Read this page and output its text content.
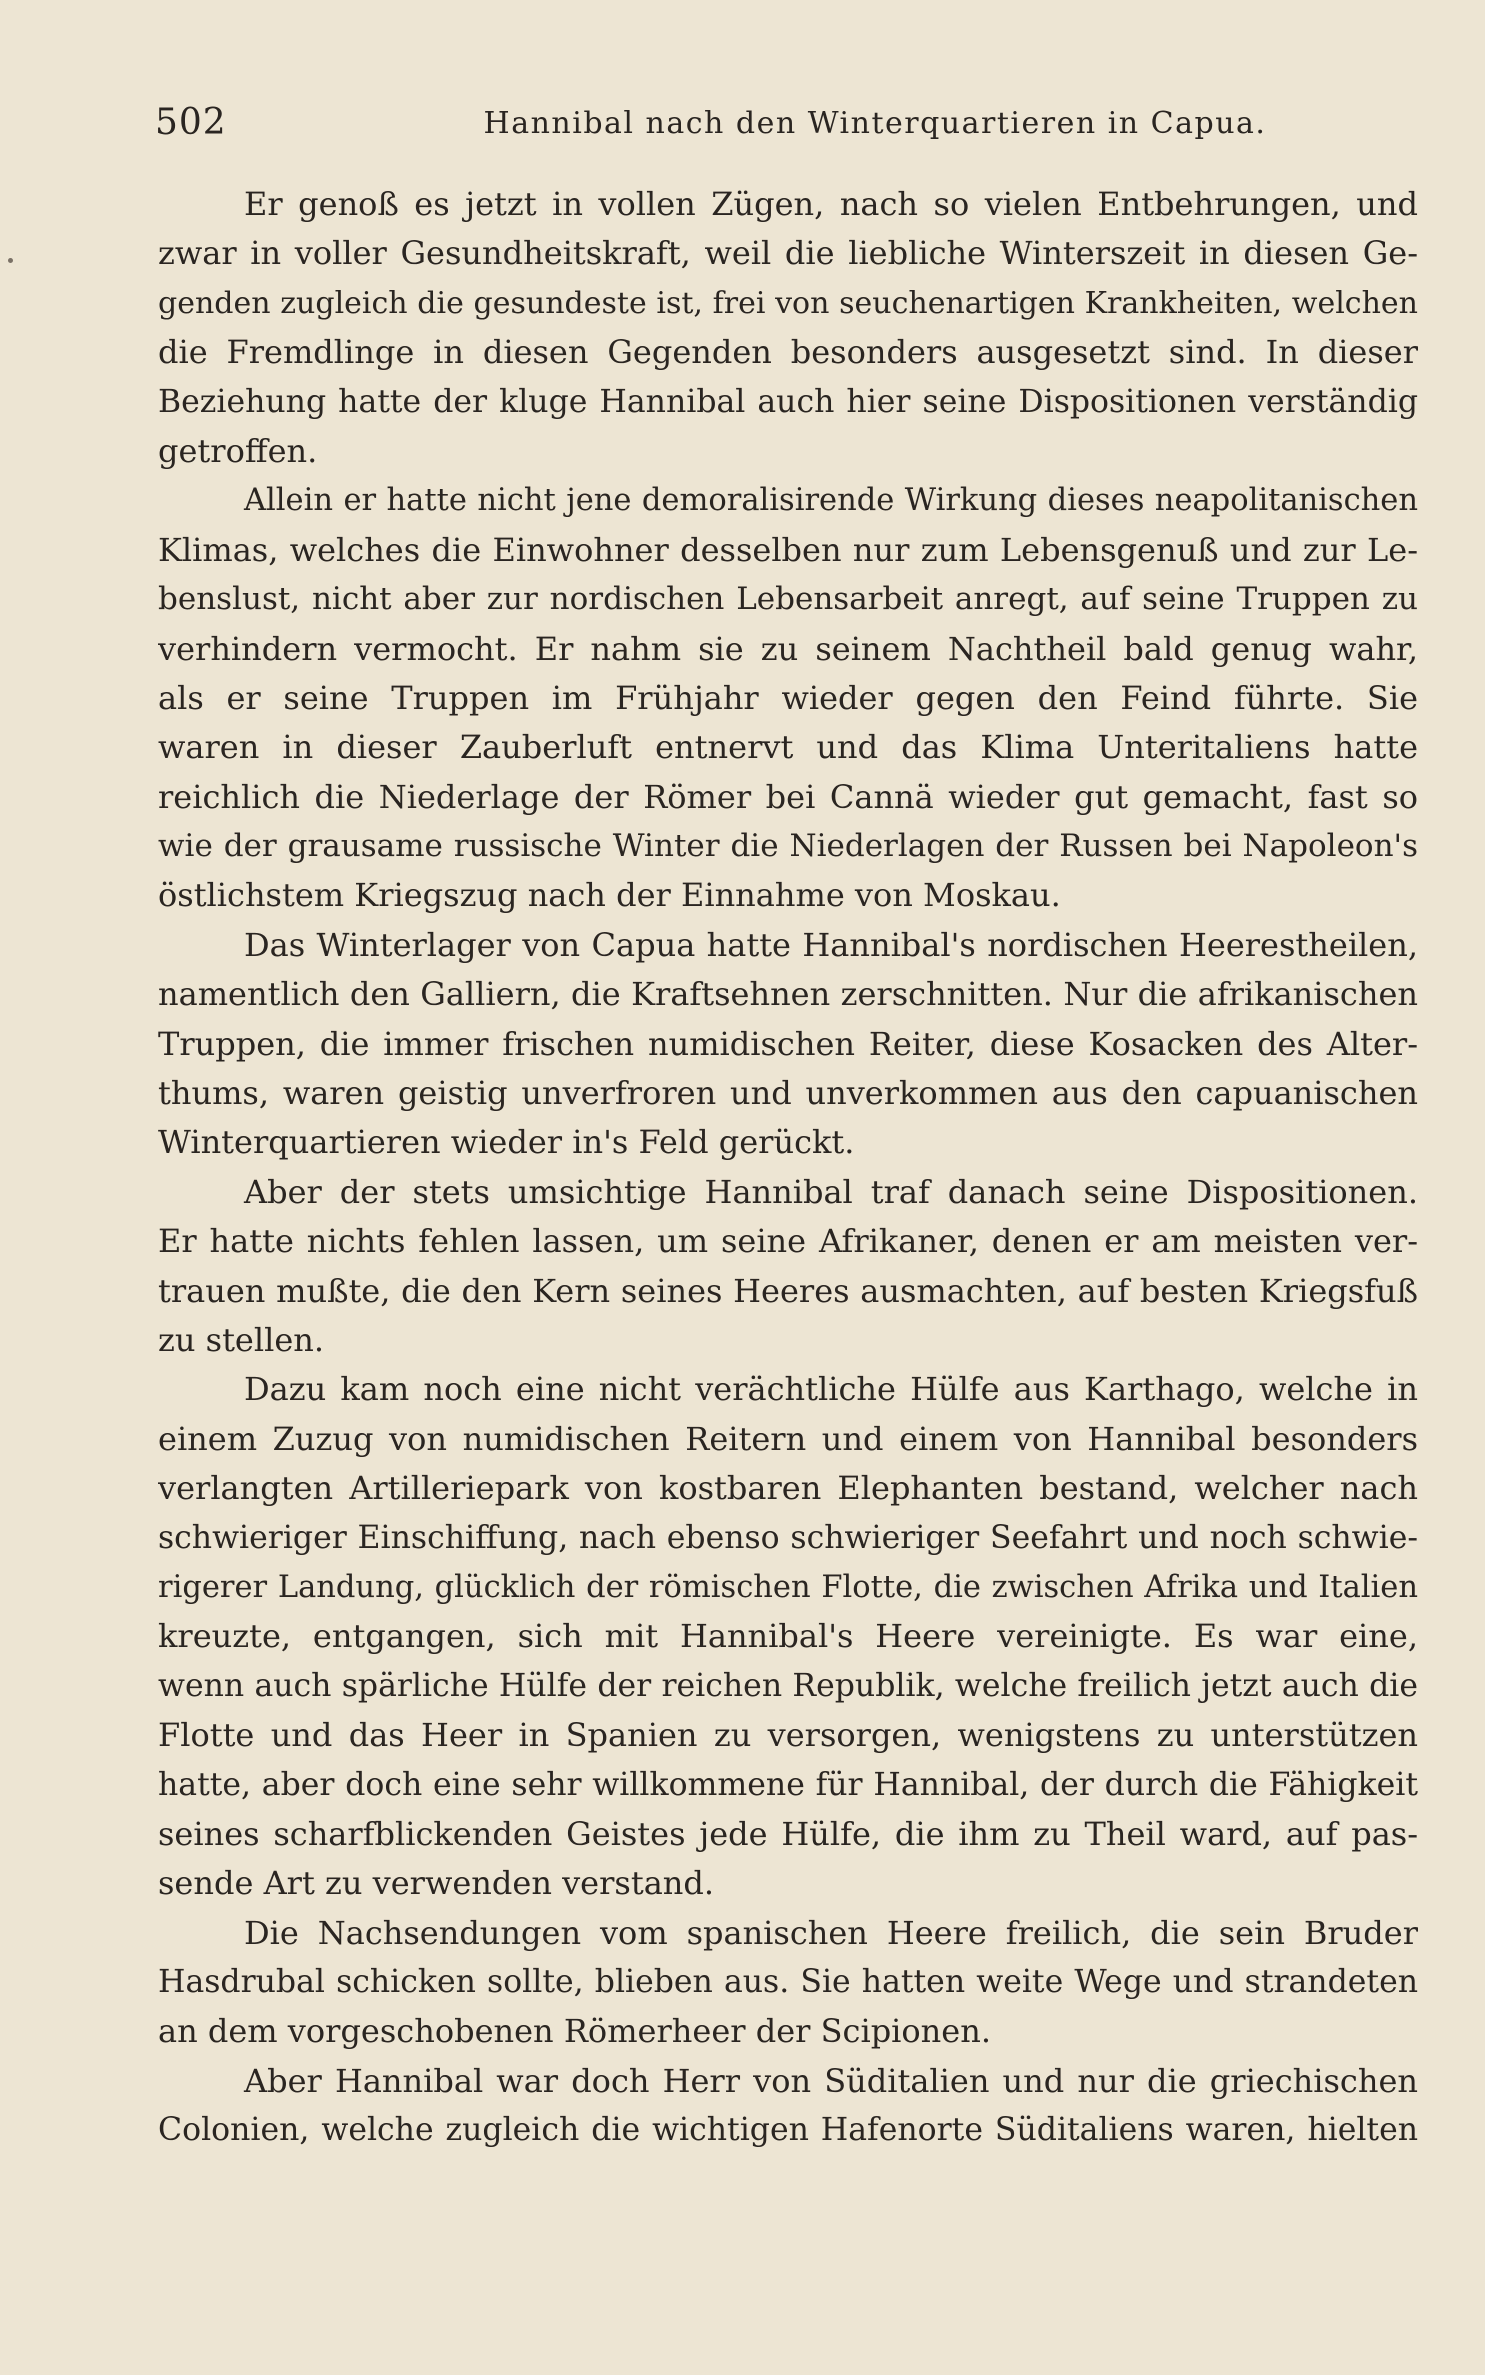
502	Hannibal nach den Winterquartieren in Capua.
Er genoß es jetzt in vollen Zügen, nach so vielen Entbehrungen, und
zwar in voller Gesundheitskraft, weil die liebliche Winterszeit in diesen Ge-
genden zugleich die gesundeste ist, frei von seuchenartigen Krankheiten, welchen
die Fremdlinge in diesen Gegenden besonders ausgesetzt sind. In dieser
Beziehung hatte der kluge Hannibal auch hier seine Dispositionen verständig
getroffen.
Allein er hatte nicht jene demoralisirende Wirkung dieses neapolitanischen
Klimas, welches die Einwohner desselben nur zum Lebensgenuß und zur Le-
benslust, nicht aber zur nordischen Lebensarbeit anregt, auf seine Truppen zu
verhindern vermocht. Er nahm sie zu seinem Nachtheil bald genug wahr,
als er seine Truppen im Frühjahr wieder gegen den Feind führte. Sie
waren in dieser Zauberluft entnervt und das Klima Unteritaliens hatte
reichlich die Niederlage der Römer bei Cannä wieder gut gemacht, fast so
wie der grausame russische Winter die Niederlagen der Russen bei Napoleon's
östlichstem Kriegszug nach der Einnahme von Moskau.
Das Winterlager von Capua hatte Hannibal's nordischen Heerestheilen,
namentlich den Galliern, die Kraftsehnen zerschnitten. Nur die afrikanischen
Truppen, die immer frischen numidischen Reiter, diese Kosacken des Alter-
thums, waren geistig unverfroren und unverkommen aus den capuanischen
Winterquartieren wieder in's Feld gerückt.
Aber der stets umsichtige Hannibal traf danach seine Dispositionen.
Er hatte nichts fehlen lassen, um seine Afrikaner, denen er am meisten ver-
trauen mußte, die den Kern seines Heeres ausmachten, auf besten Kriegsfuß
zu stellen.
Dazu kam noch eine nicht verächtliche Hülfe aus Karthago, welche in
einem Zuzug von numidischen Reitern und einem von Hannibal besonders
verlangten Artilleriepark von kostbaren Elephanten bestand, welcher nach
schwieriger Einschiffung, nach ebenso schwieriger Seefahrt und noch schwie-
rigerer Landung, glücklich der römischen Flotte, die zwischen Afrika und Italien
kreuzte, entgangen, sich mit Hannibal's Heere vereinigte. Es war eine,
wenn auch spärliche Hülfe der reichen Republik, welche freilich jetzt auch die
Flotte und das Heer in Spanien zu versorgen, wenigstens zu unterstützen
hatte, aber doch eine sehr willkommene für Hannibal, der durch die Fähigkeit
seines scharfblickenden Geistes jede Hülfe, die ihm zu Theil ward, auf pas-
sende Art zu verwenden verstand.
Die Nachsendungen vom spanischen Heere freilich, die sein Bruder
Hasdrubal schicken sollte, blieben aus. Sie hatten weite Wege und strandeten
an dem vorgeschobenen Römerheer der Scipionen.
Aber Hannibal war doch Herr von Süditalien und nur die griechischen
Colonien, welche zugleich die wichtigen Hafenorte Süditaliens waren, hielten
